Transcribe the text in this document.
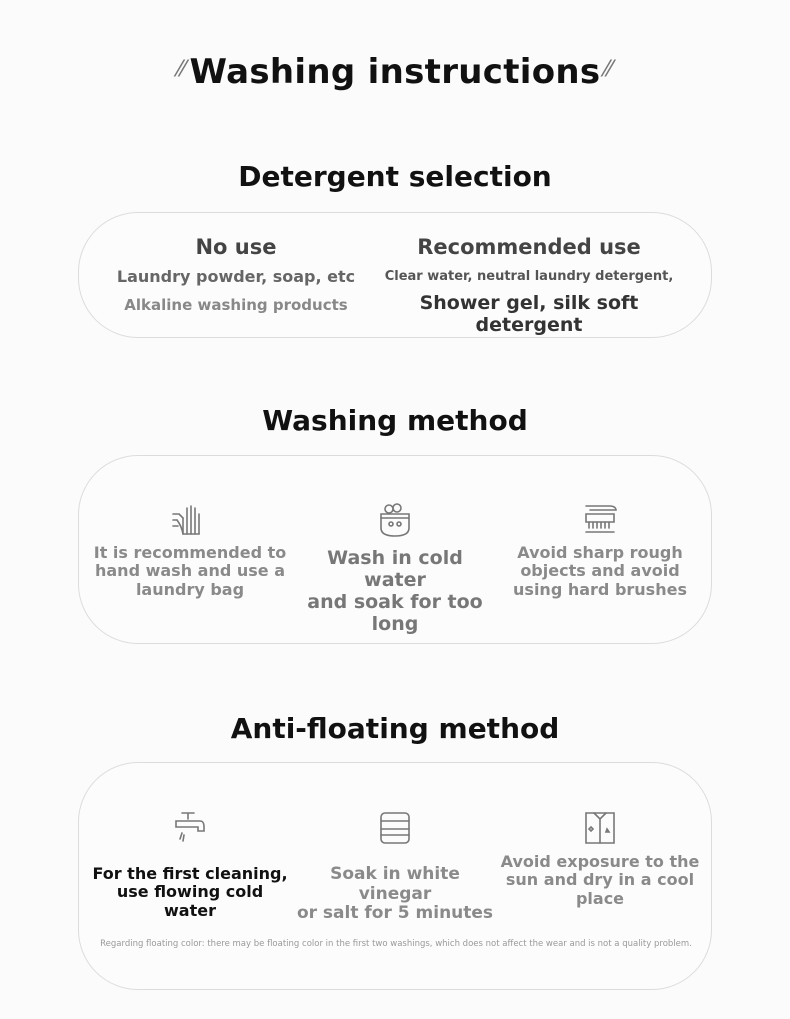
⁄⁄ Washing instructions ⁄⁄
Detergent selection
No use
Laundry powder, soap, etc
Alkaline washing products
Recommended use
Clear water, neutral laundry detergent,
Shower gel, silk soft detergent
Washing method
It is recommended to
hand wash and use a
laundry bag
Wash in cold water
and soak for too long
Avoid sharp rough
objects and avoid
using hard brushes
Anti-floating method
For the first cleaning,
use flowing cold water
Soak in white vinegar
or salt for 5 minutes
Avoid exposure to the
sun and dry in a cool
place
Regarding floating color: there may be floating color in the first two washings, which does not affect the wear and is not a quality problem.
